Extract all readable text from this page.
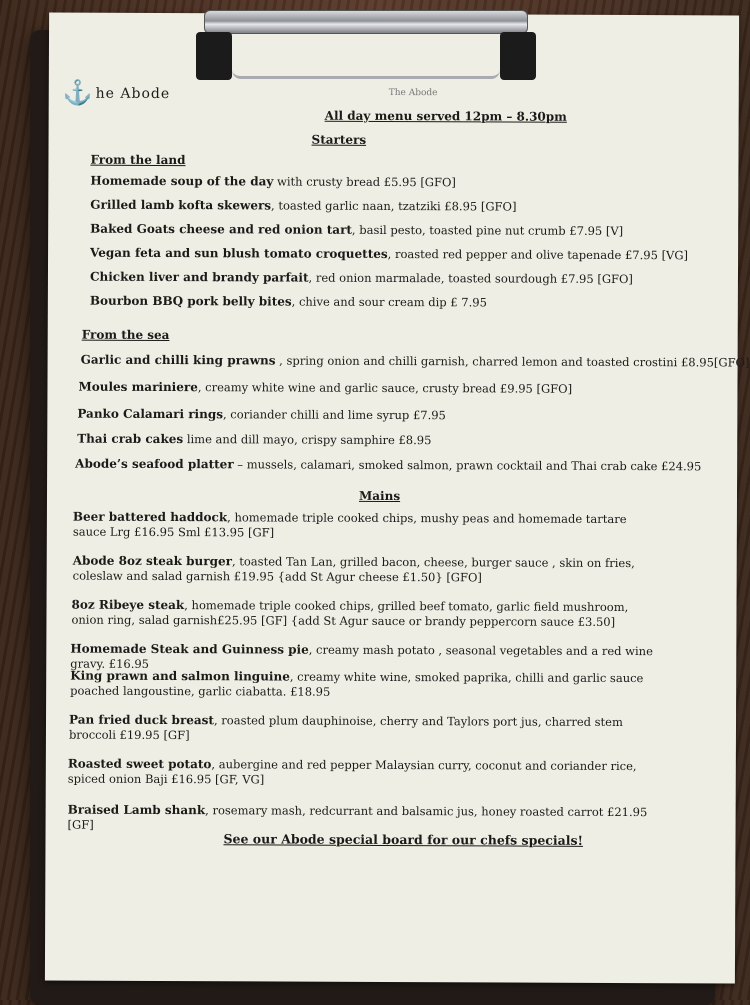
⚓ he Abode	The Abode
All day menu served 12pm – 8.30pm
Starters
From the land
Homemade soup of the day with crusty bread £5.95 [GFO]
Grilled lamb kofta skewers, toasted garlic naan, tzatziki £8.95 [GFO]
Baked Goats cheese and red onion tart, basil pesto, toasted pine nut crumb £7.95 [V]
Vegan feta and sun blush tomato croquettes, roasted red pepper and olive tapenade £7.95 [VG]
Chicken liver and brandy parfait, red onion marmalade, toasted sourdough £7.95 [GFO]
Bourbon BBQ pork belly bites, chive and sour cream dip £ 7.95
From the sea
Garlic and chilli king prawns , spring onion and chilli garnish, charred lemon and toasted crostini £8.95[GFO]
Moules mariniere, creamy white wine and garlic sauce, crusty bread £9.95 [GFO]
Panko Calamari rings, coriander chilli and lime syrup £7.95
Thai crab cakes lime and dill mayo, crispy samphire £8.95
Abode’s seafood platter – mussels, calamari, smoked salmon, prawn cocktail and Thai crab cake £24.95
Mains
Beer battered haddock, homemade triple cooked chips, mushy peas and homemade tartare sauce Lrg £16.95 Sml £13.95 [GF]
Abode 8oz steak burger, toasted Tan Lan, grilled bacon, cheese, burger sauce , skin on fries, coleslaw and salad garnish £19.95 {add St Agur cheese £1.50} [GFO]
8oz Ribeye steak, homemade triple cooked chips, grilled beef tomato, garlic field mushroom, onion ring, salad garnish£25.95 [GF] {add St Agur sauce or brandy peppercorn sauce £3.50]
Homemade Steak and Guinness pie, creamy mash potato , seasonal vegetables and a red wine gravy. £16.95
King prawn and salmon linguine, creamy white wine, smoked paprika, chilli and garlic sauce poached langoustine, garlic ciabatta. £18.95
Pan fried duck breast, roasted plum dauphinoise, cherry and Taylors port jus, charred stem broccoli £19.95 [GF]
Roasted sweet potato, aubergine and red pepper Malaysian curry, coconut and coriander rice, spiced onion Baji £16.95 [GF, VG]
Braised Lamb shank, rosemary mash, redcurrant and balsamic jus, honey roasted carrot £21.95 [GF]
See our Abode special board for our chefs specials!
